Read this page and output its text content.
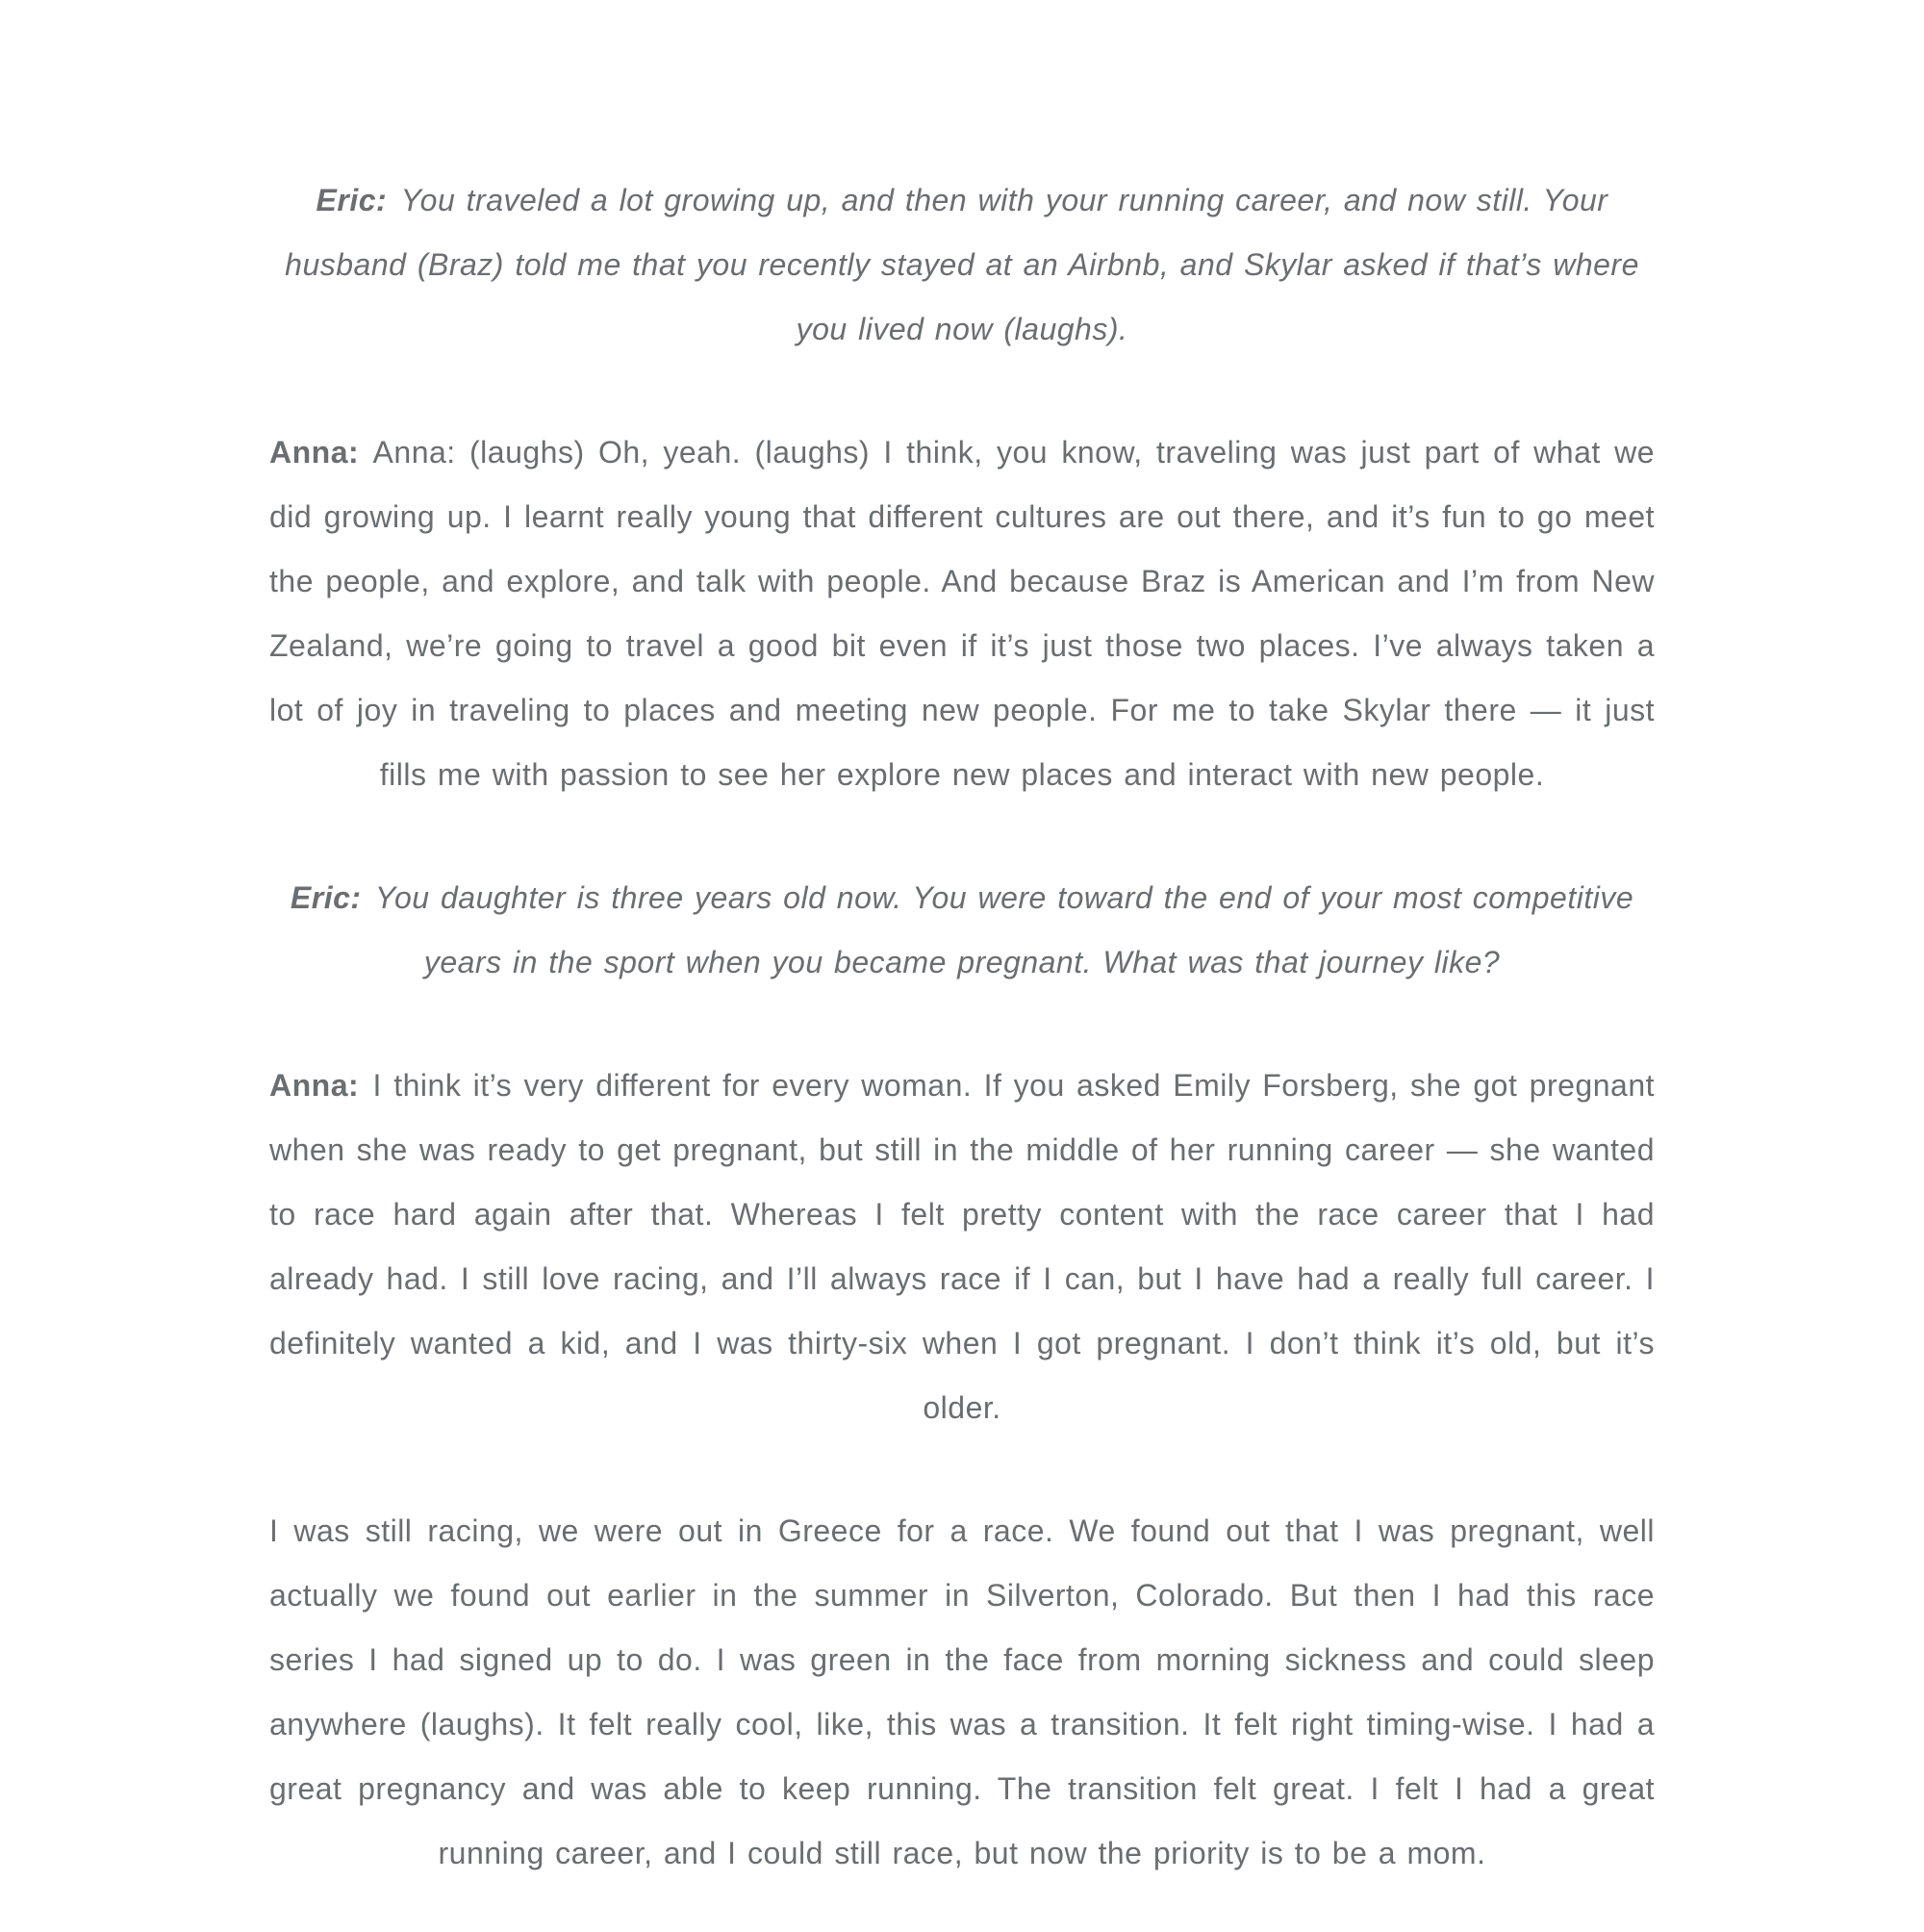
Eric: You traveled a lot growing up, and then with your running career, and now still. Your husband (Braz) told me that you recently stayed at an Airbnb, and Skylar asked if that’s where you lived now (laughs).

Anna: Anna: (laughs) Oh, yeah. (laughs) I think, you know, traveling was just part of what we did growing up. I learnt really young that different cultures are out there, and it’s fun to go meet the people, and explore, and talk with people. And because Braz is American and I’m from New Zealand, we’re going to travel a good bit even if it’s just those two places. I’ve always taken a lot of joy in traveling to places and meeting new people. For me to take Skylar there — it just fills me with passion to see her explore new places and interact with new people.

Eric: You daughter is three years old now. You were toward the end of your most competitive years in the sport when you became pregnant. What was that journey like?

Anna: I think it’s very different for every woman. If you asked Emily Forsberg, she got pregnant when she was ready to get pregnant, but still in the middle of her running career — she wanted to race hard again after that. Whereas I felt pretty content with the race career that I had already had. I still love racing, and I’ll always race if I can, but I have had a really full career. I definitely wanted a kid, and I was thirty-six when I got pregnant. I don’t think it’s old, but it’s older.

I was still racing, we were out in Greece for a race. We found out that I was pregnant, well actually we found out earlier in the summer in Silverton, Colorado. But then I had this race series I had signed up to do. I was green in the face from morning sickness and could sleep anywhere (laughs). It felt really cool, like, this was a transition. It felt right timing-wise. I had a great pregnancy and was able to keep running. The transition felt great. I felt I had a great running career, and I could still race, but now the priority is to be a mom.
